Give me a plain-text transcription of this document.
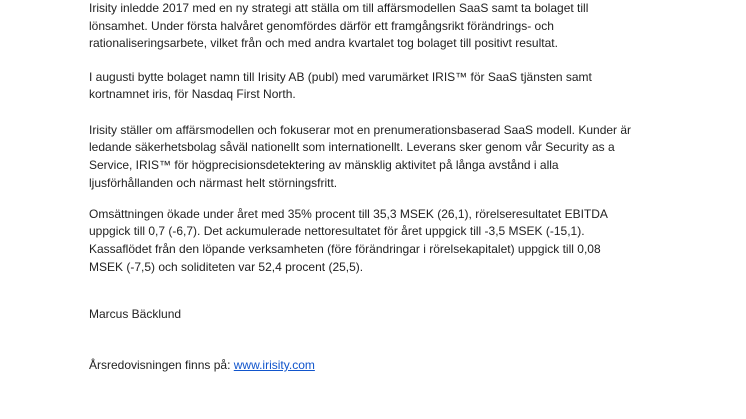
Irisity inledde 2017 med en ny strategi att ställa om till affärsmodellen SaaS samt ta bolaget till
lönsamhet. Under första halvåret genomfördes därför ett framgångsrikt förändrings- och
rationaliseringsarbete, vilket från och med andra kvartalet tog bolaget till positivt resultat.

I augusti bytte bolaget namn till Irisity AB (publ) med varumärket IRIS™ för SaaS tjänsten samt
kortnamnet iris, för Nasdaq First North.

Irisity ställer om affärsmodellen och fokuserar mot en prenumerationsbaserad SaaS modell. Kunder är
ledande säkerhetsbolag såväl nationellt som internationellt. Leverans sker genom vår Security as a
Service, IRIS™ för högprecisionsdetektering av mänsklig aktivitet på långa avstånd i alla
ljusförhållanden och närmast helt störningsfritt.

Omsättningen ökade under året med 35% procent till 35,3 MSEK (26,1), rörelseresultatet EBITDA
uppgick till 0,7 (-6,7). Det ackumulerade nettoresultatet för året uppgick till -3,5 MSEK (-15,1).
Kassaflödet från den löpande verksamheten (före förändringar i rörelsekapitalet) uppgick till 0,08
MSEK (-7,5) och soliditeten var 52,4 procent (25,5).

Marcus Bäcklund

Årsredovisningen finns på: www.irisity.com
